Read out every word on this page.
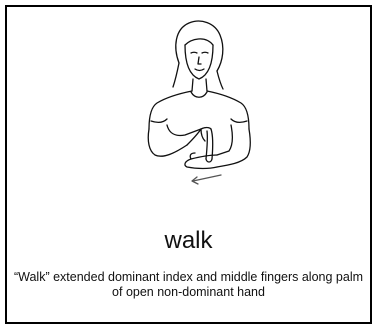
walk
“Walk” extended dominant index and middle fingers along palm of open non-dominant hand
